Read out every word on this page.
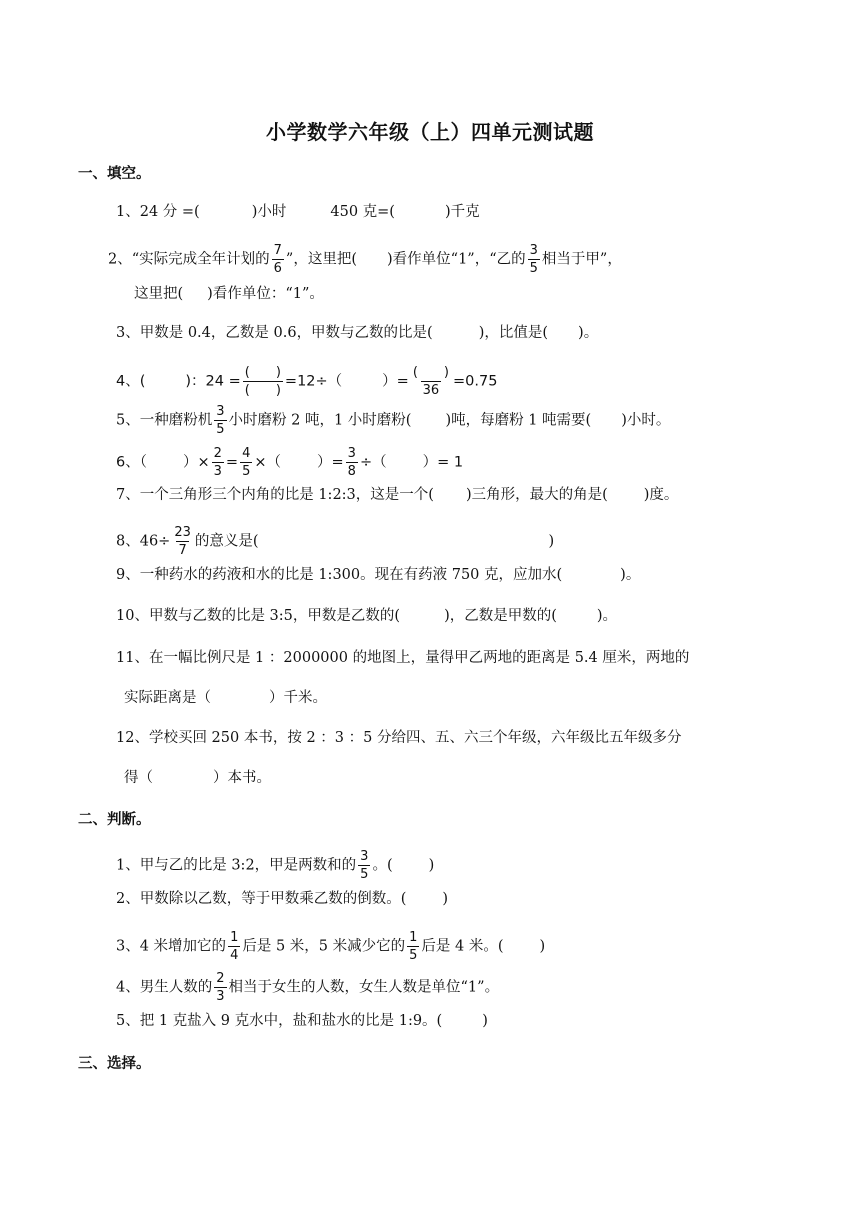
小学数学六年级（上）四单元测试题
一、填空。
1、24 分 =(	)小时	450 克=(	)千克
2、“实际完成全年计划的 $\frac{7}{6}$ ”，这里把( )看作单位“1”，“乙的 $\frac{3}{5}$ 相当于甲”，
这里把( )看作单位：“1”。
3、甲数是 0.4，乙数是 0.6，甲数与乙数的比是(	)，比值是( )。
4、(	)：$24 = \frac{( )}{( )} =12\div$（	）= $\frac{( )}{36} =0.75$
5、一种磨粉机 $\frac{3}{5}$ 小时磨粉 2 吨，1 小时磨粉( )吨，每磨粉 1 吨需要( )小时。
6、（ ）× $\frac{2}{3} = \frac{4}{5}$ ×（ ）= $\frac{3}{8}$ ÷（ ）= 1
7、一个三角形三个内角的比是 1:2:3，这是一个( )三角形，最大的角是( )度。
8、$46\div \frac{23}{7}$ 的意义是(	)
9、一种药水的药液和水的比是 1:300。现在有药液 750 克，应加水(	)。
10、甲数与乙数的比是 3:5，甲数是乙数的(	)，乙数是甲数的(	)。
11、在一幅比例尺是 1 ：2000000 的地图上，量得甲乙两地的距离是 5.4 厘米，两地的
实际距离是（	）千米。
12、学校买回 250 本书，按 2 ：3 ：5 分给四、五、六三个年级，六年级比五年级多分
得（	）本书。
二、判断。
1、甲与乙的比是 3:2，甲是两数和的 $\frac{3}{5}$ 。( )
2、甲数除以乙数，等于甲数乘乙数的倒数。( )
3、4 米增加它的 $\frac{1}{4}$ 后是 5 米，5 米减少它的 $\frac{1}{5}$ 后是 4 米。( )
4、男生人数的 $\frac{2}{3}$ 相当于女生的人数，女生人数是单位“1”。
5、把 1 克盐入 9 克水中，盐和盐水的比是 1:9。(	)
三、选择。
